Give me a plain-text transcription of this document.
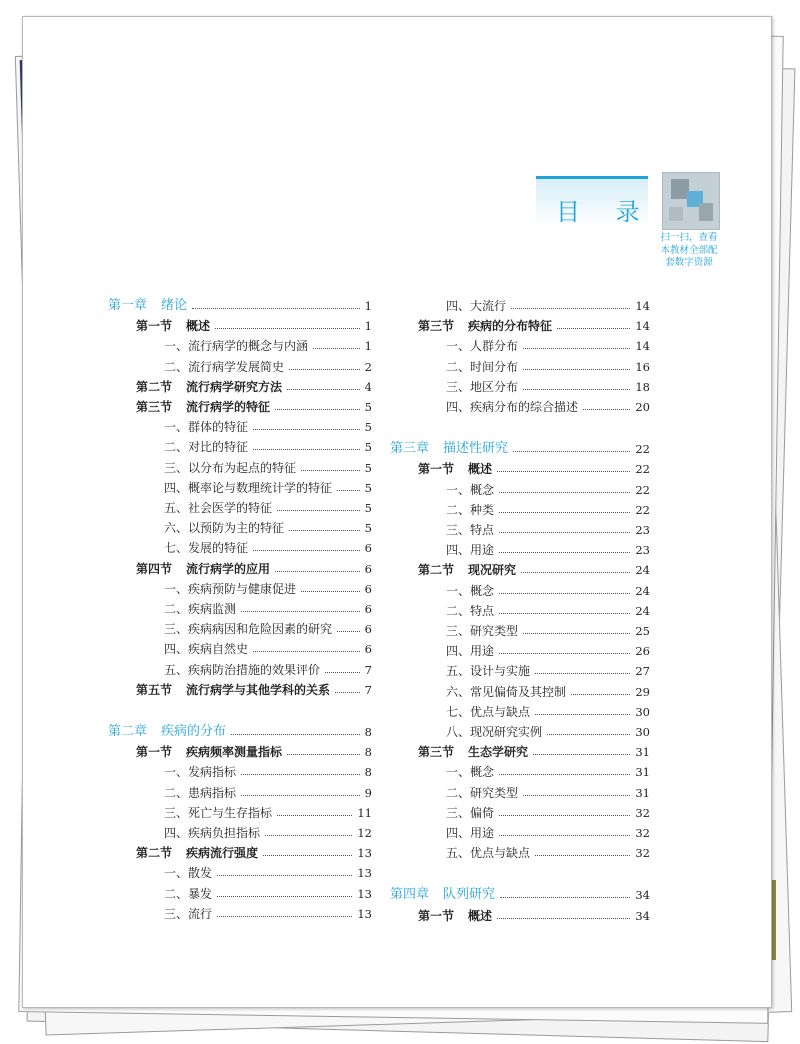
目 录
扫一扫，查看本教材全部配套数字资源
第一章 绪论	1
第一节 概述	1
一、流行病学的概念与内涵	1
二、流行病学发展简史	2
第二节 流行病学研究方法	4
第三节 流行病学的特征	5
一、群体的特征	5
二、对比的特征	5
三、以分布为起点的特征	5
四、概率论与数理统计学的特征	5
五、社会医学的特征	5
六、以预防为主的特征	5
七、发展的特征	6
第四节 流行病学的应用	6
一、疾病预防与健康促进	6
二、疾病监测	6
三、疾病病因和危险因素的研究	6
四、疾病自然史	6
五、疾病防治措施的效果评价	7
第五节 流行病学与其他学科的关系	7
第二章 疾病的分布	8
第一节 疾病频率测量指标	8
一、发病指标	8
二、患病指标	9
三、死亡与生存指标	11
四、疾病负担指标	12
第二节 疾病流行强度	13
一、散发	13
二、暴发	13
三、流行	13
四、大流行	14
第三节 疾病的分布特征	14
一、人群分布	14
二、时间分布	16
三、地区分布	18
四、疾病分布的综合描述	20
第三章 描述性研究	22
第一节 概述	22
一、概念	22
二、种类	22
三、特点	23
四、用途	23
第二节 现况研究	24
一、概念	24
二、特点	24
三、研究类型	25
四、用途	26
五、设计与实施	27
六、常见偏倚及其控制	29
七、优点与缺点	30
八、现况研究实例	30
第三节 生态学研究	31
一、概念	31
二、研究类型	31
三、偏倚	32
四、用途	32
五、优点与缺点	32
第四章 队列研究	34
第一节 概述	34
